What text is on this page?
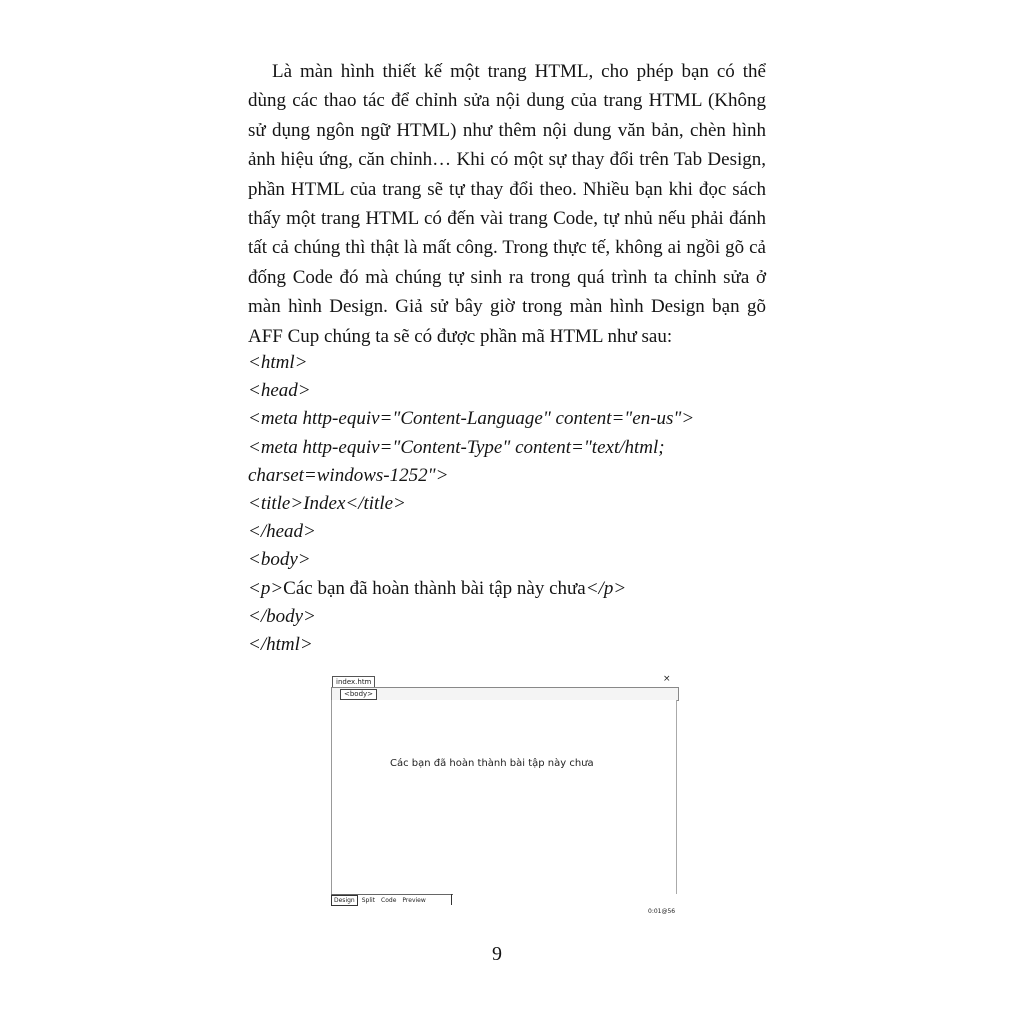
Là màn hình thiết kế một trang HTML, cho phép bạn có thể dùng các thao tác để chỉnh sửa nội dung của trang HTML (Không sử dụng ngôn ngữ HTML) như thêm nội dung văn bản, chèn hình ảnh hiệu ứng, căn chỉnh… Khi có một sự thay đổi trên Tab Design, phần HTML của trang sẽ tự thay đổi theo. Nhiều bạn khi đọc sách thấy một trang HTML có đến vài trang Code, tự nhủ nếu phải đánh tất cả chúng thì thật là mất công. Trong thực tế, không ai ngồi gõ cả đống Code đó mà chúng tự sinh ra trong quá trình ta chỉnh sửa ở màn hình Design. Giả sử bây giờ trong màn hình Design bạn gõ AFF Cup chúng ta sẽ có được phần mã HTML như sau:

<html>
<head>
<meta http-equiv="Content-Language" content="en-us">
<meta http-equiv="Content-Type" content="text/html;
charset=windows-1252">
<title>Index</title>
</head>
<body>
<p>Các bạn đã hoàn thành bài tập này chưa</p>
</body>
</html>
index.htm	×
<body>
Các bạn đã hoàn thành bài tập này chưa
Design	Split	Code	Preview
0:01@56
9
